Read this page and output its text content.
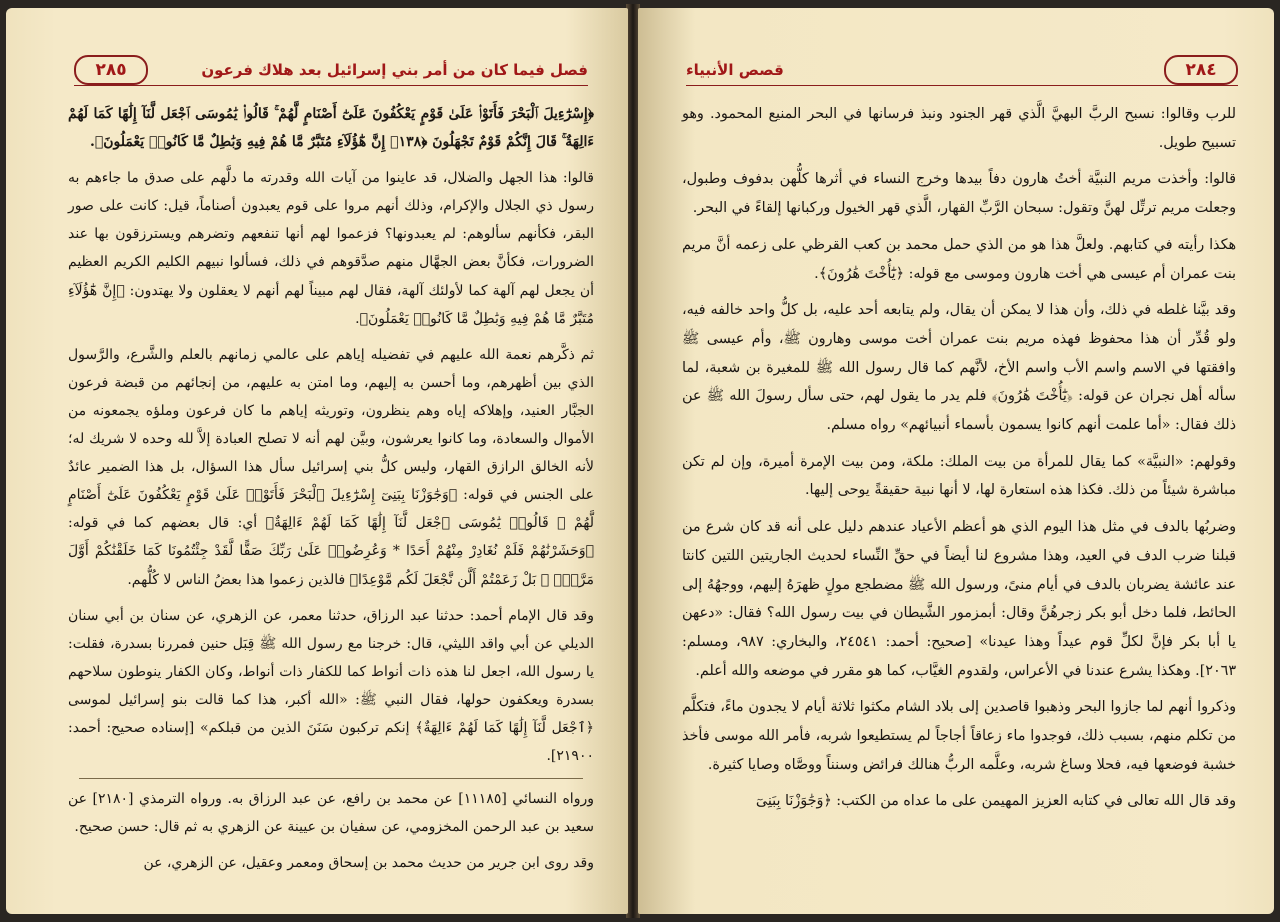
فصل فيما كان من أمر بني إسرائيل بعد هلاك فرعون
٢٨٥

﴿إِسْرَٰٓءِيلَ ٱلْبَحْرَ فَأَتَوْا۟ عَلَىٰ قَوْمٍ يَعْكُفُونَ عَلَىٰٓ أَصْنَامٍ لَّهُمْ ۚ قَالُوا۟ يَٰمُوسَى ٱجْعَل لَّنَآ إِلَٰهًا كَمَا لَهُمْ ءَالِهَةٌ ۚ قَالَ إِنَّكُمْ قَوْمٌ تَجْهَلُونَ ﴿١٣٨﴾ إِنَّ هَٰٓؤُلَآءِ مُتَبَّرٌ مَّا هُمْ فِيهِ وَبَٰطِلٌ مَّا كَانُوا۟ يَعْمَلُونَ﴾.

قالوا: هذا الجهل والضلال، قد عاينوا من آيات الله وقدرته ما دلَّهم على صدق ما جاءهم به رسول ذي الجلال والإكرام، وذلك أنهم مروا على قوم يعبدون أصناماً، قيل: كانت على صور البقر، فكأنهم سألوهم: لم يعبدونها؟ فزعموا لهم أنها تنفعهم وتضرهم ويسترزقون بها عند الضرورات، فكأنَّ بعض الجهَّال منهم صدَّقوهم في ذلك، فسألوا نبيهم الكليم الكريم العظيم أن يجعل لهم آلهة كما لأولئك آلهة، فقال لهم مبيناً لهم أنهم لا يعقلون ولا يهتدون: ﴿إِنَّ هَٰٓؤُلَآءِ مُتَبَّرٌ مَّا هُمْ فِيهِ وَبَٰطِلٌ مَّا كَانُوا۟ يَعْمَلُونَ﴾.

ثم ذكَّرهم نعمة الله عليهم في تفضيله إياهم على عالمي زمانهم بالعلم والشَّرع، والرَّسول الذي بين أظهرهم، وما أحسن به إليهم، وما امتن به عليهم، من إنجائهم من قبضة فرعون الجبَّار العنيد، وإهلاكه إياه وهم ينظرون، وتوريثه إياهم ما كان فرعون وملؤه يجمعونه من الأموال والسعادة، وما كانوا يعرشون، وبيَّن لهم أنه لا تصلح العبادة إلاَّ لله وحده لا شريك له؛ لأنه الخالق الرازق القهار، وليس كلُّ بني إسرائيل سأل هذا السؤال، بل هذا الضمير عائدٌ على الجنس في قوله: ﴿وَجَٰوَزْنَا بِبَنِىٓ إِسْرَٰٓءِيلَ ٱلْبَحْرَ فَأَتَوْا۟ عَلَىٰ قَوْمٍ يَعْكُفُونَ عَلَىٰٓ أَصْنَامٍ لَّهُمْ ۚ قَالُوا۟ يَٰمُوسَى ٱجْعَل لَّنَآ إِلَٰهًا كَمَا لَهُمْ ءَالِهَةٌ﴾ أي: قال بعضهم كما في قوله: ﴿وَحَشَرْنَٰهُمْ فَلَمْ نُغَادِرْ مِنْهُمْ أَحَدًا * وَعُرِضُوا۟ عَلَىٰ رَبِّكَ صَفًّا لَّقَدْ جِئْتُمُونَا كَمَا خَلَقْنَٰكُمْ أَوَّلَ مَرَّةٍۭ ۚ بَلْ زَعَمْتُمْ أَلَّن نَّجْعَلَ لَكُم مَّوْعِدًا﴾ فالذين زعموا هذا بعضُ الناس لا كُلُّهم.

وقد قال الإمام أحمد: حدثنا عبد الرزاق، حدثنا معمر، عن الزهري، عن سنان بن أبي سنان الديلي عن أبي واقد الليثي، قال: خرجنا مع رسول الله ﷺ قِبَل حنين فمررنا بسدرة، فقلت: يا رسول الله، اجعل لنا هذه ذات أنواط كما للكفار ذات أنواط، وكان الكفار ينوطون سلاحهم بسدرة ويعكفون حولها، فقال النبي ﷺ: «الله أكبر، هذا كما قالت بنو إسرائيل لموسى ﴿ٱجْعَل لَّنَآ إِلَٰهًا كَمَا لَهُمْ ءَالِهَةٌ﴾ إنكم تركبون سَنَنَ الذين من قبلكم» [إسناده صحيح: أحمد: ٢١٩٠٠].

ورواه النسائي [١١١٨٥] عن محمد بن رافع، عن عبد الرزاق به. ورواه الترمذي [٢١٨٠] عن سعيد بن عبد الرحمن المخزومي، عن سفيان بن عيينة عن الزهري به ثم قال: حسن صحيح.

وقد روى ابن جرير من حديث محمد بن إسحاق ومعمر وعقيل، عن الزهري، عن

٢٨٤
قصص الأنبياء

للرب وقالوا: نسبح الربَّ البهيَّ الَّذي قهر الجنود ونبذ فرسانها في البحر المنيع المحمود. وهو تسبيح طويل.

قالوا: وأخذت مريم النبيَّة أختُ هارون دفاً بيدها وخرج النساء في أثرها كلُّهن بدفوف وطبول، وجعلت مريم ترتِّل لهنَّ وتقول: سبحان الرَّبِّ القهار، الَّذي قهر الخيول وركبانها إلقاءً في البحر.

هكذا رأيته في كتابهم. ولعلَّ هذا هو من الذي حمل محمد بن كعب القرظي على زعمه أنَّ مريم بنت عمران أم عيسى هي أخت هارون وموسى مع قوله: ﴿يَٰٓأُخْتَ هَٰرُونَ﴾.

وقد بيَّنا غلطه في ذلك، وأن هذا لا يمكن أن يقال، ولم يتابعه أحد عليه، بل كلُّ واحد خالفه فيه، ولو قُدِّر أن هذا محفوظ فهذه مريم بنت عمران أخت موسى وهارون ﷺ، وأم عيسى ﷺ وافقتها في الاسم واسم الأب واسم الأخ، لأنَّهم كما قال رسول الله ﷺ للمغيرة بن شعبة، لما سأله أهل نجران عن قوله: ﴿يَٰٓأُخْتَ هَٰرُونَ﴾ فلم يدر ما يقول لهم، حتى سأل رسولَ الله ﷺ عن ذلك فقال: «أما علمت أنهم كانوا يسمون بأسماء أنبيائهم» رواه مسلم.

وقولهم: «النبيَّة» كما يقال للمرأة من بيت الملك: ملكة، ومن بيت الإمرة أميرة، وإن لم تكن مباشرة شيئاً من ذلك. فكذا هذه استعارة لها، لا أنها نبية حقيقةً يوحى إليها.

وضربُها بالدف في مثل هذا اليوم الذي هو أعظم الأعياد عندهم دليل على أنه قد كان شرع من قبلنا ضرب الدف في العيد، وهذا مشروع لنا أيضاً في حقِّ النِّساء لحديث الجاريتين اللتين كانتا عند عائشة يضربان بالدف في أيام منىً، ورسول الله ﷺ مضطجع مولٍ ظهرَهُ إليهم، ووجهُهُ إلى الحائط، فلما دخل أبو بكر زجرهُنَّ وقال: أبمزمور الشَّيطان في بيت رسول الله؟ فقال: «دعهن يا أبا بكر فإنَّ لكلِّ قوم عيداً وهذا عيدنا» [صحيح: أحمد: ٢٤٥٤١، والبخاري: ٩٨٧، ومسلم: ٢٠٦٣]. وهكذا يشرع عندنا في الأعراس، ولقدوم الغيَّاب، كما هو مقرر في موضعه والله أعلم.

وذكروا أنهم لما جازوا البحر وذهبوا قاصدين إلى بلاد الشام مكثوا ثلاثة أيام لا يجدون ماءً، فتكلَّم من تكلم منهم، بسبب ذلك، فوجدوا ماء زعاقاً أجاجاً لم يستطيعوا شربه، فأمر الله موسى فأخذ خشبة فوضعها فيه، فحلا وساغ شربه، وعلَّمه الربُّ هنالك فرائض وسنناً ووصَّاه وصايا كثيرة.

وقد قال الله تعالى في كتابه العزيز المهيمن على ما عداه من الكتب: ﴿وَجَٰوَزْنَا بِبَنِىٓ
